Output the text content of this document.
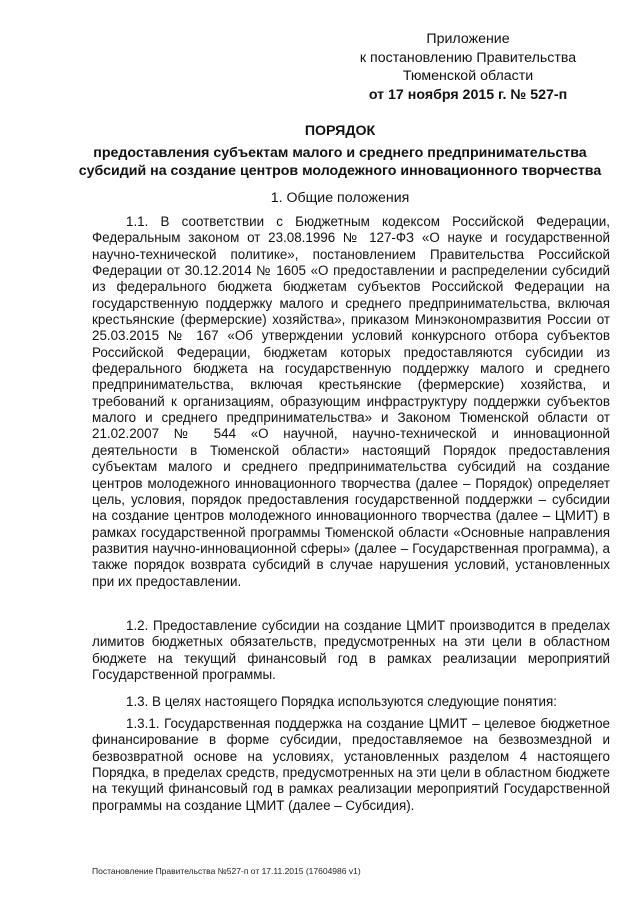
Приложение
к постановлению Правительства
Тюменской области
от 17 ноября 2015 г. № 527-п
ПОРЯДОК
предоставления субъектам малого и среднего предпринимательства субсидий на создание центров молодежного инновационного творчества
1. Общие положения

1.1. В соответствии с Бюджетным кодексом Российской Федерации, Федеральным законом от 23.08.1996 № 127-ФЗ «О науке и государственной научно-технической политике», постановлением Правительства Российской Федерации от 30.12.2014 № 1605 «О предоставлении и распределении субсидий из федерального бюджета бюджетам субъектов Российской Федерации на государственную поддержку малого и среднего предпринимательства, включая крестьянские (фермерские) хозяйства», приказом Минэкономразвития России от 25.03.2015 № 167 «Об утверждении условий конкурсного отбора субъектов Российской Федерации, бюджетам которых предоставляются субсидии из федерального бюджета на государственную поддержку малого и среднего предпринимательства, включая крестьянские (фермерские) хозяйства, и требований к организациям, образующим инфраструктуру поддержки субъектов малого и среднего предпринимательства» и Законом Тюменской области от 21.02.2007 № 544 «О научной, научно-технической и инновационной деятельности в Тюменской области» настоящий Порядок предоставления субъектам малого и среднего предпринимательства субсидий на создание центров молодежного инновационного творчества (далее – Порядок) определяет цель, условия, порядок предоставления государственной поддержки – субсидии на создание центров молодежного инновационного творчества (далее – ЦМИТ) в рамках государственной программы Тюменской области «Основные направления развития научно-инновационной сферы» (далее – Государственная программа), а также порядок возврата субсидий в случае нарушения условий, установленных при их предоставлении.

1.2. Предоставление субсидии на создание ЦМИТ производится в пределах лимитов бюджетных обязательств, предусмотренных на эти цели в областном бюджете на текущий финансовый год в рамках реализации мероприятий Государственной программы.

1.3. В целях настоящего Порядка используются следующие понятия:

1.3.1. Государственная поддержка на создание ЦМИТ – целевое бюджетное финансирование в форме субсидии, предоставляемое на безвозмездной и безвозвратной основе на условиях, установленных разделом 4 настоящего Порядка, в пределах средств, предусмотренных на эти цели в областном бюджете на текущий финансовый год в рамках реализации мероприятий Государственной программы на создание ЦМИТ (далее – Субсидия).

Постановление Правительства №527-п от 17.11.2015 (17604986 v1)
